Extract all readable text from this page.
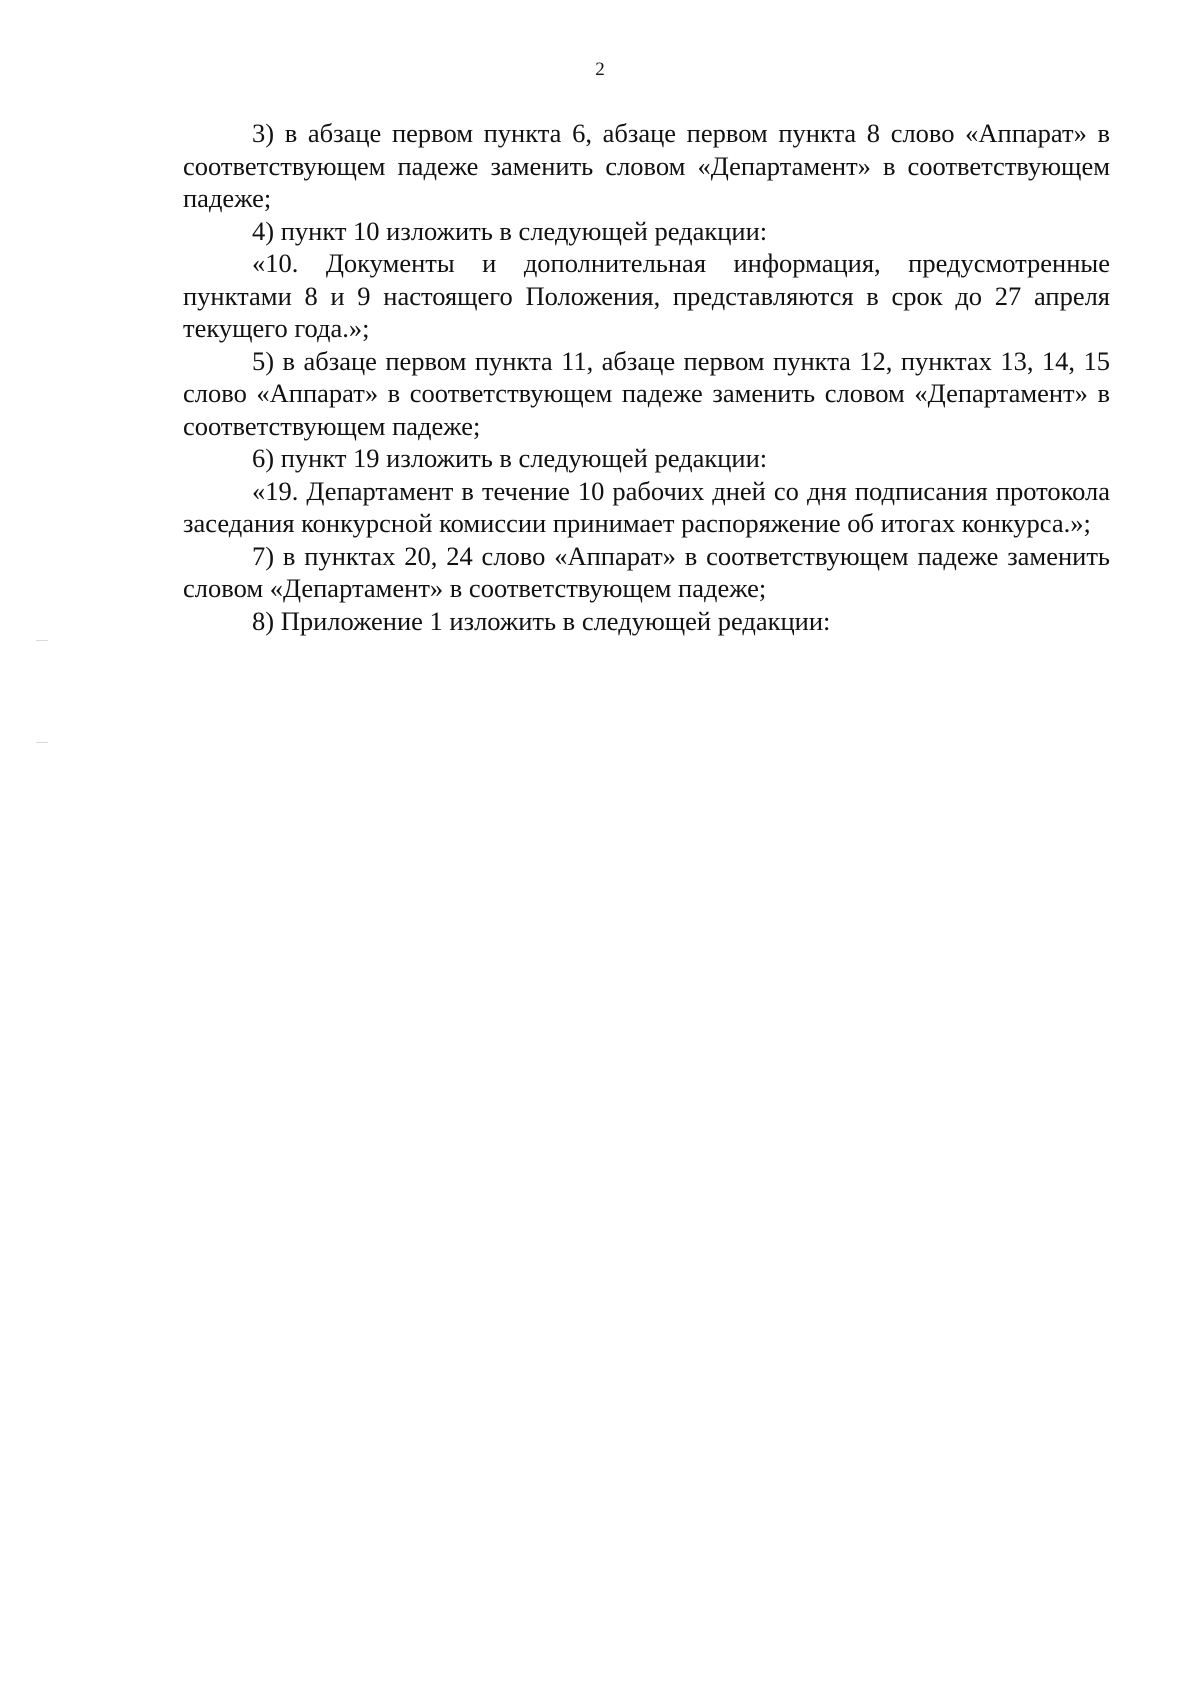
2

3) в абзаце первом пункта 6, абзаце первом пункта 8 слово «Аппарат» в соответствующем падеже заменить словом «Департамент» в соответствующем падеже;

4) пункт 10 изложить в следующей редакции:

«10. Документы и дополнительная информация, предусмотренные пунктами 8 и 9 настоящего Положения, представляются в срок до 27 апреля текущего года.»;

5) в абзаце первом пункта 11, абзаце первом пункта 12, пунктах 13, 14, 15 слово «Аппарат» в соответствующем падеже заменить словом «Департамент» в соответствующем падеже;

6) пункт 19 изложить в следующей редакции:

«19. Департамент в течение 10 рабочих дней со дня подписания протокола заседания конкурсной комиссии принимает распоряжение об итогах конкурса.»;

7) в пунктах 20, 24 слово «Аппарат» в соответствующем падеже заменить словом «Департамент» в соответствующем падеже;

8) Приложение 1 изложить в следующей редакции:
